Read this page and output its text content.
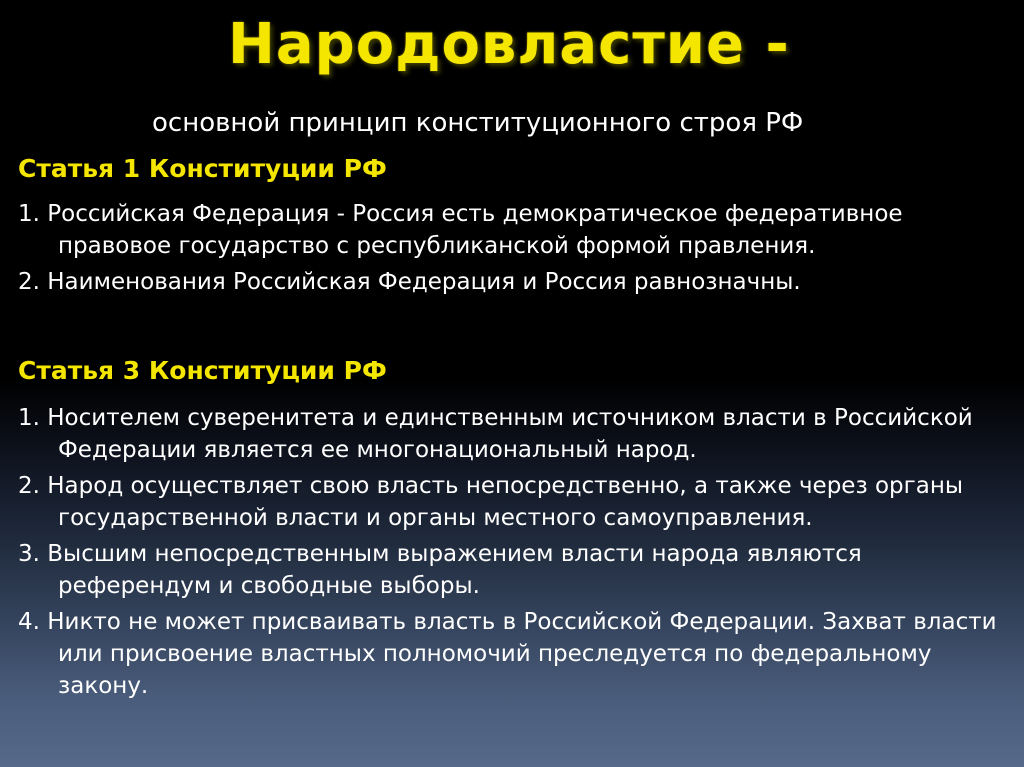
Народовластие -
основной принцип конституционного строя РФ
Статья 1 Конституции РФ

1. Российская Федерация - Россия есть демократическое федеративное правовое государство с республиканской формой правления.

2. Наименования Российская Федерация и Россия равнозначны.

Статья 3 Конституции РФ

1. Носителем суверенитета и единственным источником власти в Российской Федерации является ее многонациональный народ.

2. Народ осуществляет свою власть непосредственно, а также через органы государственной власти и органы местного самоуправления.

3. Высшим непосредственным выражением власти народа являются референдум и свободные выборы.

4. Никто не может присваивать власть в Российской Федерации. Захват власти или присвоение властных полномочий преследуется по федеральному закону.
